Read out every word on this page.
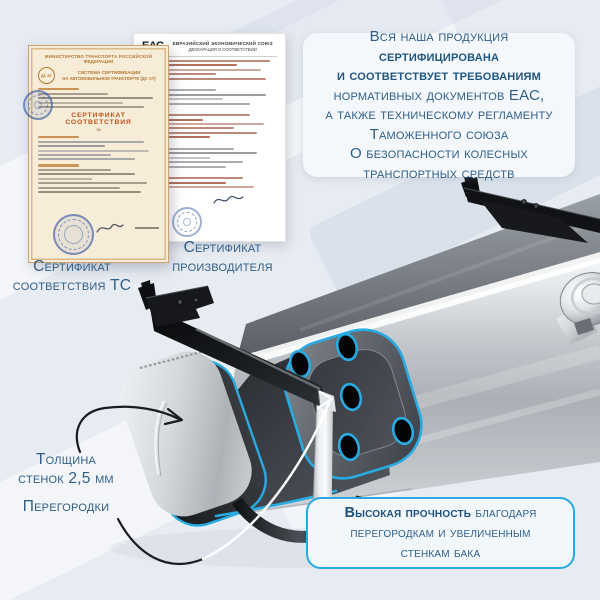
ЕВРАЗИЙСКИЙ ЭКОНОМИЧЕСКИЙ СОЮЗ
ДЕКЛАРАЦИЯ О СООТВЕТСТВИИ
МИНИСТЕРСТВО ТРАНСПОРТА РОССИЙСКОЙ ФЕДЕРАЦИИ
ДС АТ
СИСТЕМА СЕРТИФИКАЦИИ
НА АВТОМОБИЛЬНОМ ТРАНСПОРТЕ (ДС АТ)
СЕРТИФИКАТ СООТВЕТСТВИЯ
№
Сертификат
соответствия ТС
Сертификат
производителя
Вся наша продукция
сертифицирована
и соответствует требованиям
нормативных документов ЕАС,
а также техническому регламенту
Таможенного союза
О безопасности колесных
транспортных средств
Толщина
стенок 2,5 мм
Перегородки	Высокая прочность благодаря
перегородкам и увеличенным
стенкам бака
